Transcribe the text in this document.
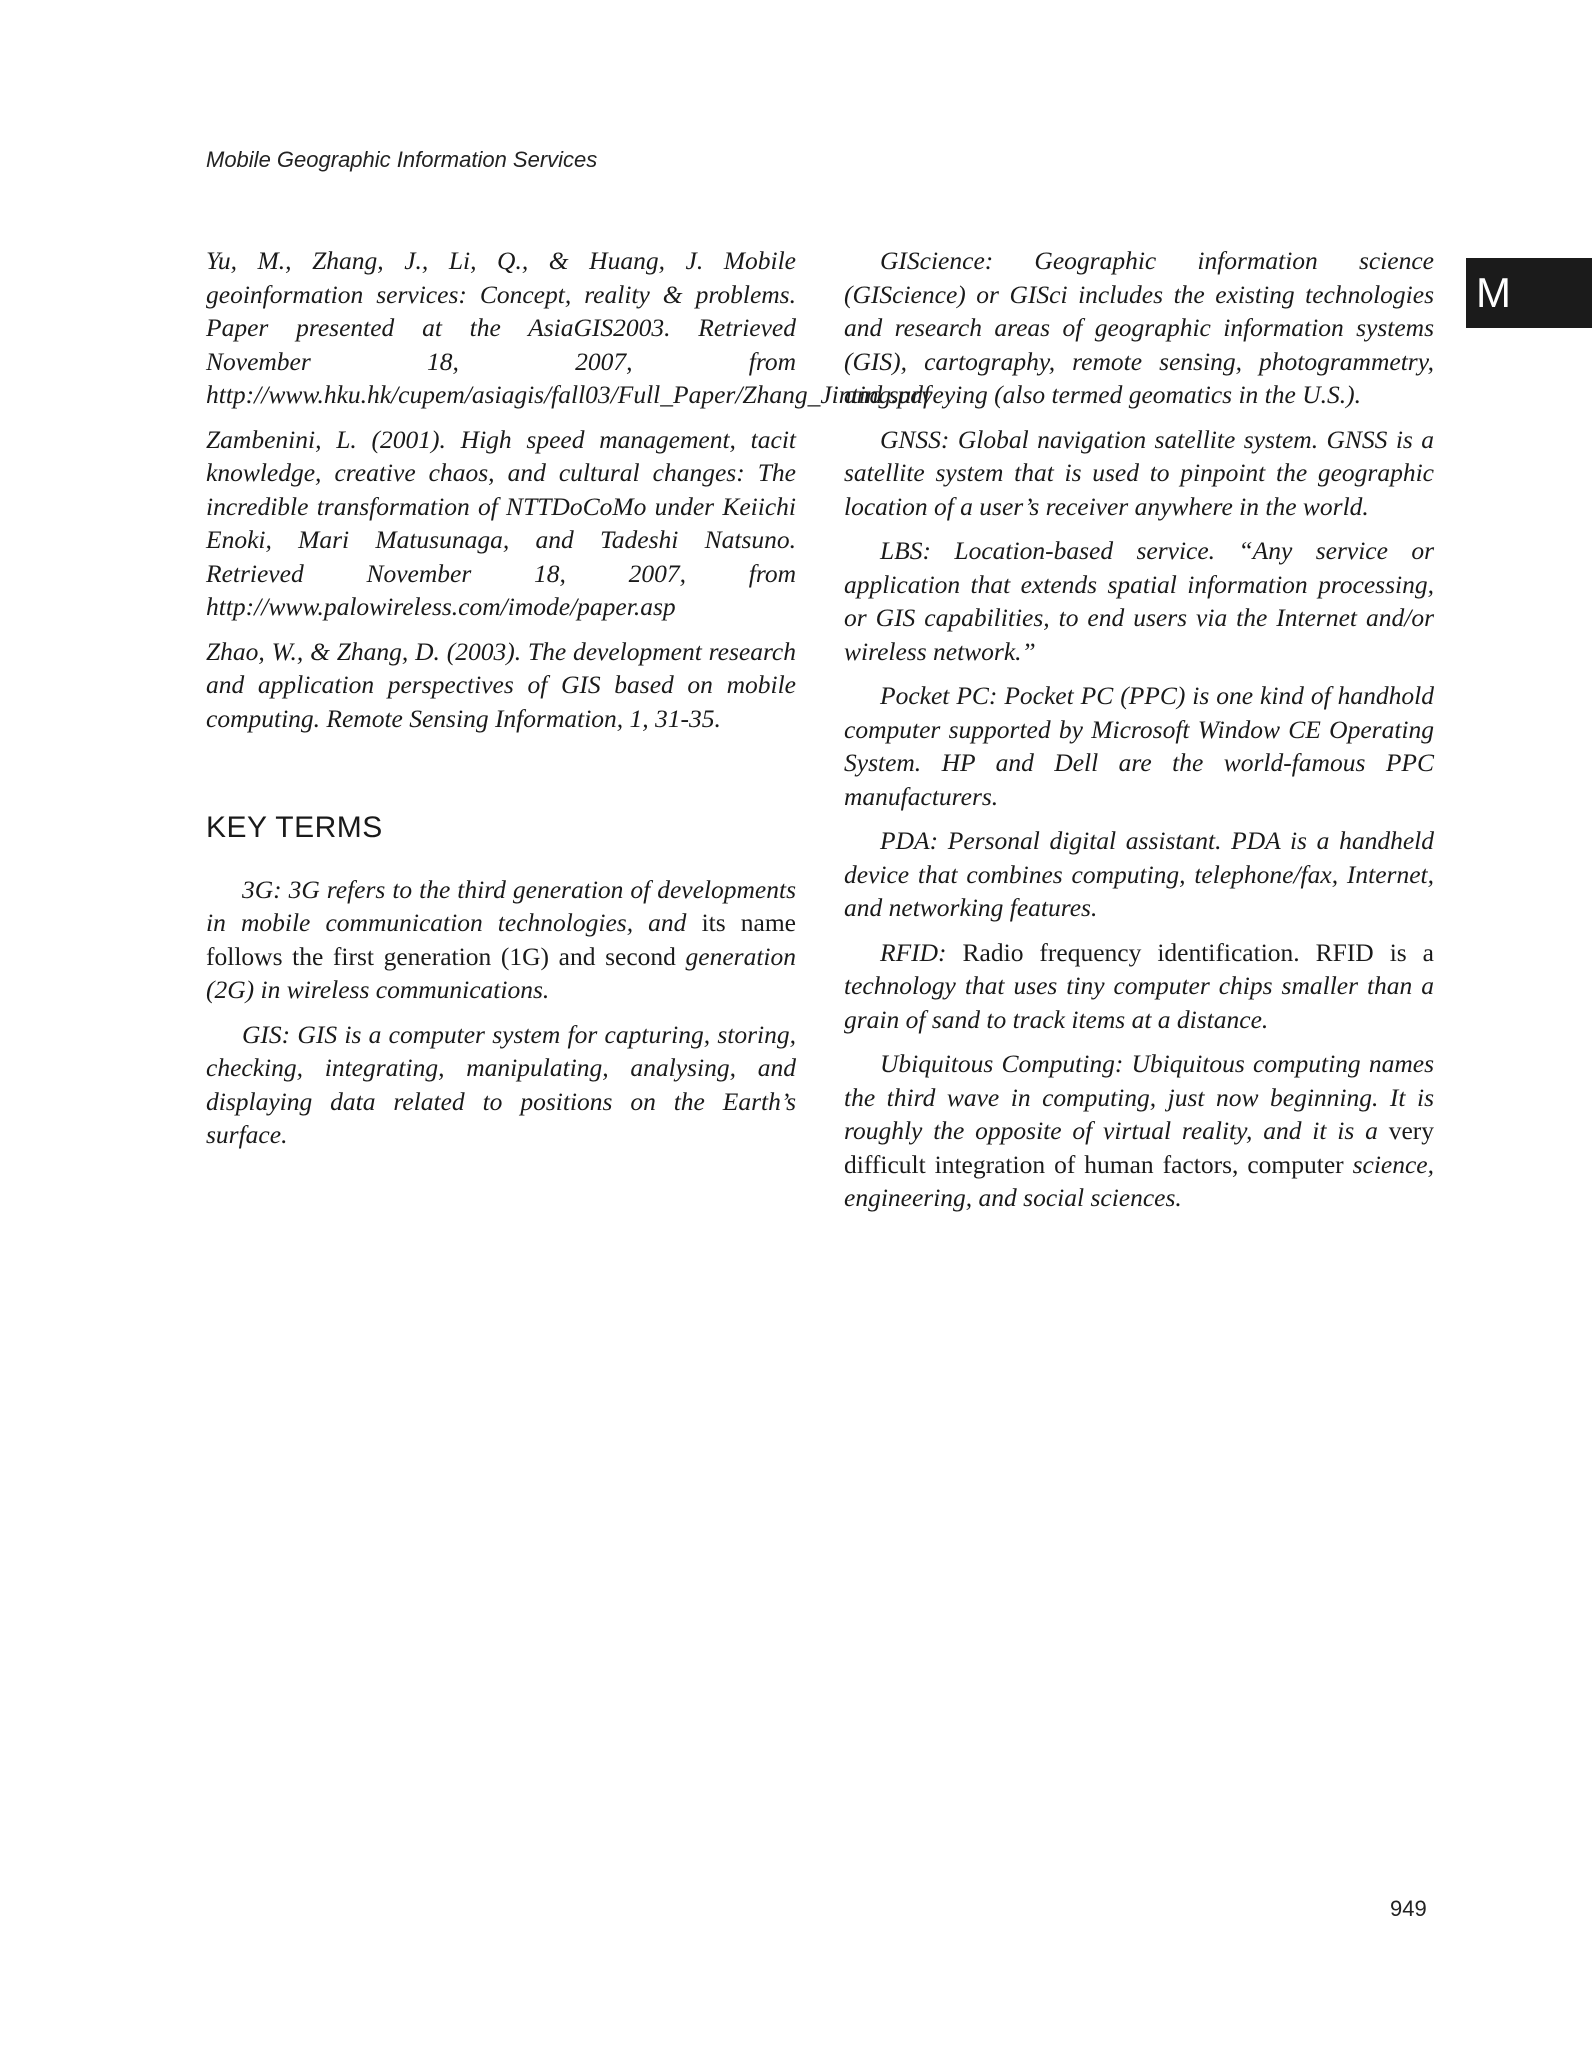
Mobile Geographic Information Services
M

Yu, M., Zhang, J., Li, Q., & Huang, J. Mobile geoinformation services: Concept, reality & problems. Paper presented at the AsiaGIS2003. Retrieved November 18, 2007, from http://www.hku.hk/cupem/asiagis/fall03/Full_Paper/Zhang_Jinting.pdf

Zambenini, L. (2001). High speed management, tacit knowledge, creative chaos, and cultural changes: The incredible transformation of NTTDoCoMo under Keiichi Enoki, Mari Matusunaga, and Tadeshi Natsuno. Retrieved November 18, 2007, from http://www.palowireless.com/imode/paper.asp

Zhao, W., & Zhang, D. (2003). The development research and application perspectives of GIS based on mobile computing. Remote Sensing Information, 1, 31-35.

KEY TERMS

3G: 3G refers to the third generation of developments in mobile communication technologies, and its name follows the first generation (1G) and second generation (2G) in wireless communications.

GIS: GIS is a computer system for capturing, storing, checking, integrating, manipulating, analysing, and displaying data related to positions on the Earth’s surface.

GIScience: Geographic information science (GIScience) or GISci includes the existing technologies and research areas of geographic information systems (GIS), cartography, remote sensing, photogrammetry, and surveying (also termed geomatics in the U.S.).

GNSS: Global navigation satellite system. GNSS is a satellite system that is used to pinpoint the geographic location of a user’s receiver anywhere in the world.

LBS: Location-based service. “Any service or application that extends spatial information processing, or GIS capabilities, to end users via the Internet and/or wireless network.”

Pocket PC: Pocket PC (PPC) is one kind of handhold computer supported by Microsoft Window CE Operating System. HP and Dell are the world-famous PPC manufacturers.

PDA: Personal digital assistant. PDA is a handheld device that combines computing, telephone/fax, Internet, and networking features.

RFID: Radio frequency identification. RFID is a technology that uses tiny computer chips smaller than a grain of sand to track items at a distance.

Ubiquitous Computing: Ubiquitous computing names the third wave in computing, just now beginning. It is roughly the opposite of virtual reality, and it is a very difficult integration of human factors, computer science, engineering, and social sciences.

949
